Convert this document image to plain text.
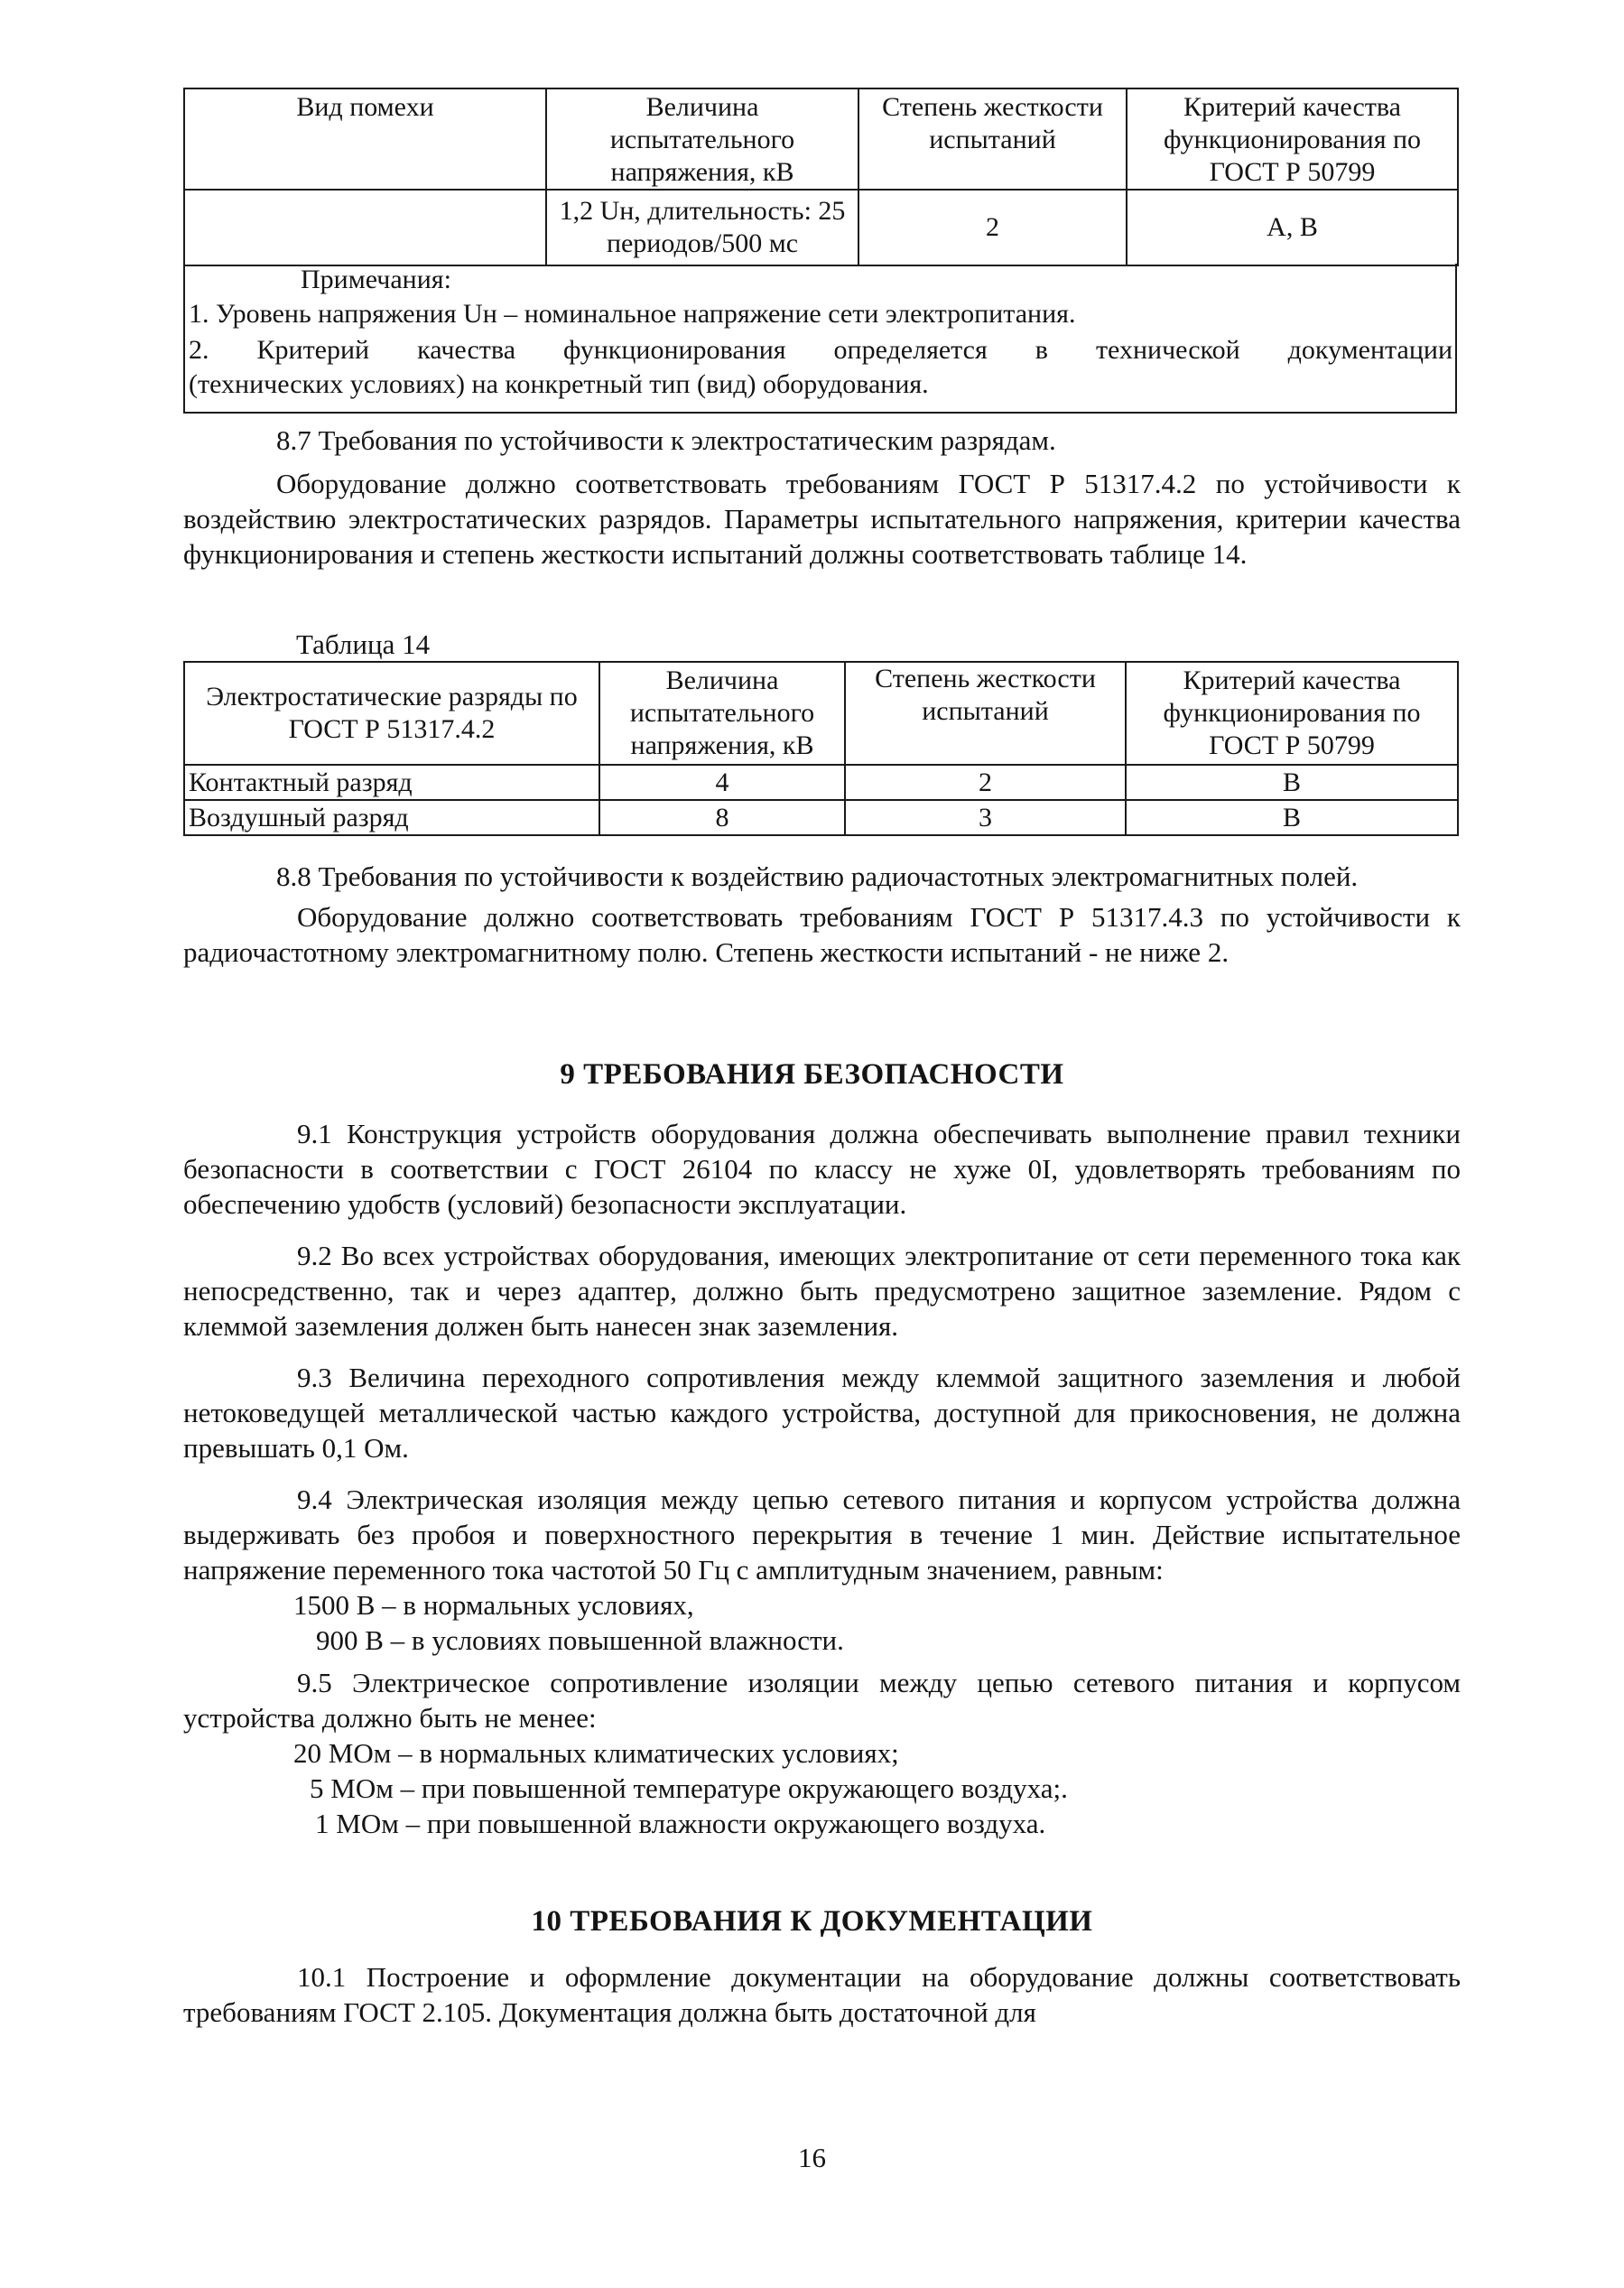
Вид помехи	Величина испытательного напряжения, кВ	Степень жесткости испытаний	Критерий качества функционирования по ГОСТ Р 50799
	1,2 Uн, длительность: 25 периодов/500 мс	2	А, В
Примечания:
1. Уровень напряжения Uн – номинальное напряжение сети электропитания.
2. Критерий качества функционирования определяется в технической документации
(технических условиях) на конкретный тип (вид) оборудования.
8.7 Требования по устойчивости к электростатическим разрядам.

Оборудование должно соответствовать требованиям ГОСТ Р 51317.4.2 по устойчивости к воздействию электростатических разрядов. Параметры испытательного напряжения, критерии качества функционирования и степень жесткости испытаний должны соответствовать таблице 14.

Таблица 14
Электростатические разряды по ГОСТ Р 51317.4.2	Величина испытательного напряжения, кВ	Степень жесткости испытаний	Критерий качества функционирования по ГОСТ Р 50799
Контактный разряд	4	2	В
Воздушный разряд	8	3	В

8.8 Требования по устойчивости к воздействию радиочастотных электромагнитных полей.

Оборудование должно соответствовать требованиям ГОСТ Р 51317.4.3 по устойчивости к радиочастотному электромагнитному полю. Степень жесткости испытаний - не ниже 2.

9 ТРЕБОВАНИЯ БЕЗОПАСНОСТИ

9.1 Конструкция устройств оборудования должна обеспечивать выполнение правил техники безопасности в соответствии с ГОСТ 26104 по классу не хуже 0I, удовлетворять требованиям по обеспечению удобств (условий) безопасности эксплуатации.

9.2 Во всех устройствах оборудования, имеющих электропитание от сети переменного тока как непосредственно, так и через адаптер, должно быть предусмотрено защитное заземление. Рядом с клеммой заземления должен быть нанесен знак заземления.

9.3 Величина переходного сопротивления между клеммой защитного заземления и любой нетоковедущей металлической частью каждого устройства, доступной для прикосновения, не должна превышать 0,1 Ом.

9.4 Электрическая изоляция между цепью сетевого питания и корпусом устройства должна выдерживать без пробоя и поверхностного перекрытия в течение 1 мин. Действие испытательное напряжение переменного тока частотой 50 Гц с амплитудным значением, равным:

1500 В – в нормальных условиях,

900 В – в условиях повышенной влажности.

9.5 Электрическое сопротивление изоляции между цепью сетевого питания и корпусом устройства должно быть не менее:

20 МОм – в нормальных климатических условиях;

5 МОм – при повышенной температуре окружающего воздуха;.

1 МОм – при повышенной влажности окружающего воздуха.

10 ТРЕБОВАНИЯ К ДОКУМЕНТАЦИИ

10.1 Построение и оформление документации на оборудование должны соответствовать требованиям ГОСТ 2.105. Документация должна быть достаточной для

16
